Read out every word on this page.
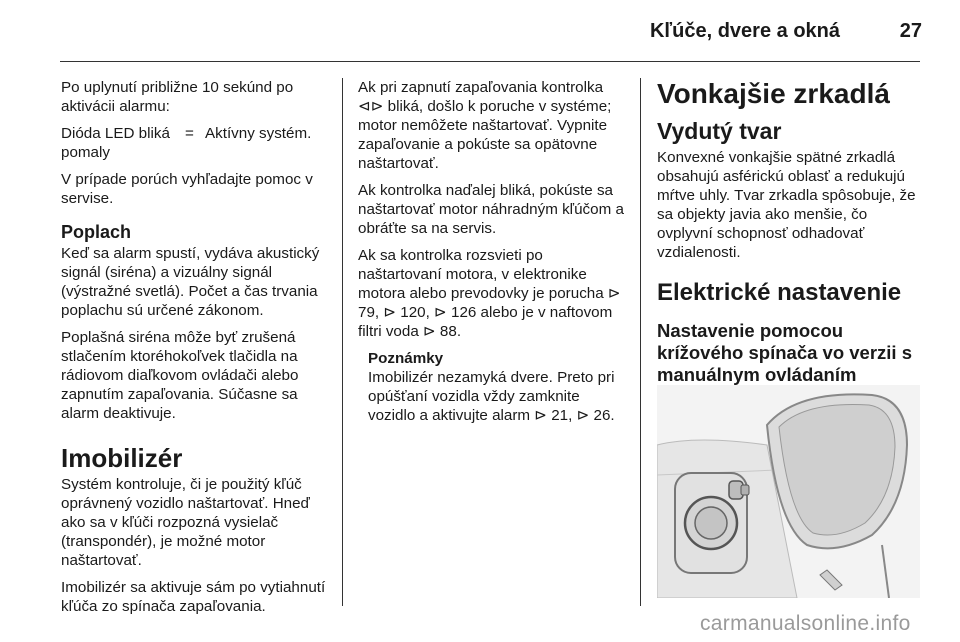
Kľúče, dvere a okná	27

Po uplynutí približne 10 sekúnd po aktivácii alarmu:

Dióda LED bliká pomaly
= Aktívny systém.

V prípade porúch vyhľadajte pomoc v servise.

Poplach

Keď sa alarm spustí, vydáva akustický signál (siréna) a vizuálny signál (výstražné svetlá). Počet a čas trvania poplachu sú určené zákonom.

Poplašná siréna môže byť zrušená stlačením ktoréhokoľvek tlačidla na rádiovom diaľkovom ovládači alebo zapnutím zapaľovania. Súčasne sa alarm deaktivuje.

Imobilizér

Systém kontroluje, či je použitý kľúč oprávnený vozidlo naštartovať. Hneď ako sa v kľúči rozpozná vysielač (transpondér), je možné motor naštartovať.

Imobilizér sa aktivuje sám po vytiahnutí kľúča zo spínača zapaľovania.

Ak pri zapnutí zapaľovania kontrolka ⊲⊳ bliká, došlo k poruche v systéme; motor nemôžete naštartovať. Vypnite zapaľovanie a pokúste sa opätovne naštartovať.

Ak kontrolka naďalej bliká, pokúste sa naštartovať motor náhradným kľúčom a obráťte sa na servis.

Ak sa kontrolka rozsvieti po naštartovaní motora, v elektronike motora alebo prevodovky je porucha ⊳ 79, ⊳ 120, ⊳ 126 alebo je v naftovom filtri voda ⊳ 88.

Poznámky
Imobilizér nezamyká dvere. Preto pri opúšťaní vozidla vždy zamknite vozidlo a aktivujte alarm ⊳ 21, ⊳ 26.
Vonkajšie zrkadlá
Vydutý tvar

Konvexné vonkajšie spätné zrkadlá obsahujú asférickú oblasť a redukujú mŕtve uhly. Tvar zrkadla spôsobuje, že sa objekty javia ako menšie, čo ovplyvní schopnosť odhadovať vzdialenosti.

Elektrické nastavenie
Nastavenie pomocou krížového spínača vo verzii s manuálnym ovládaním
carmanualsonline.info
